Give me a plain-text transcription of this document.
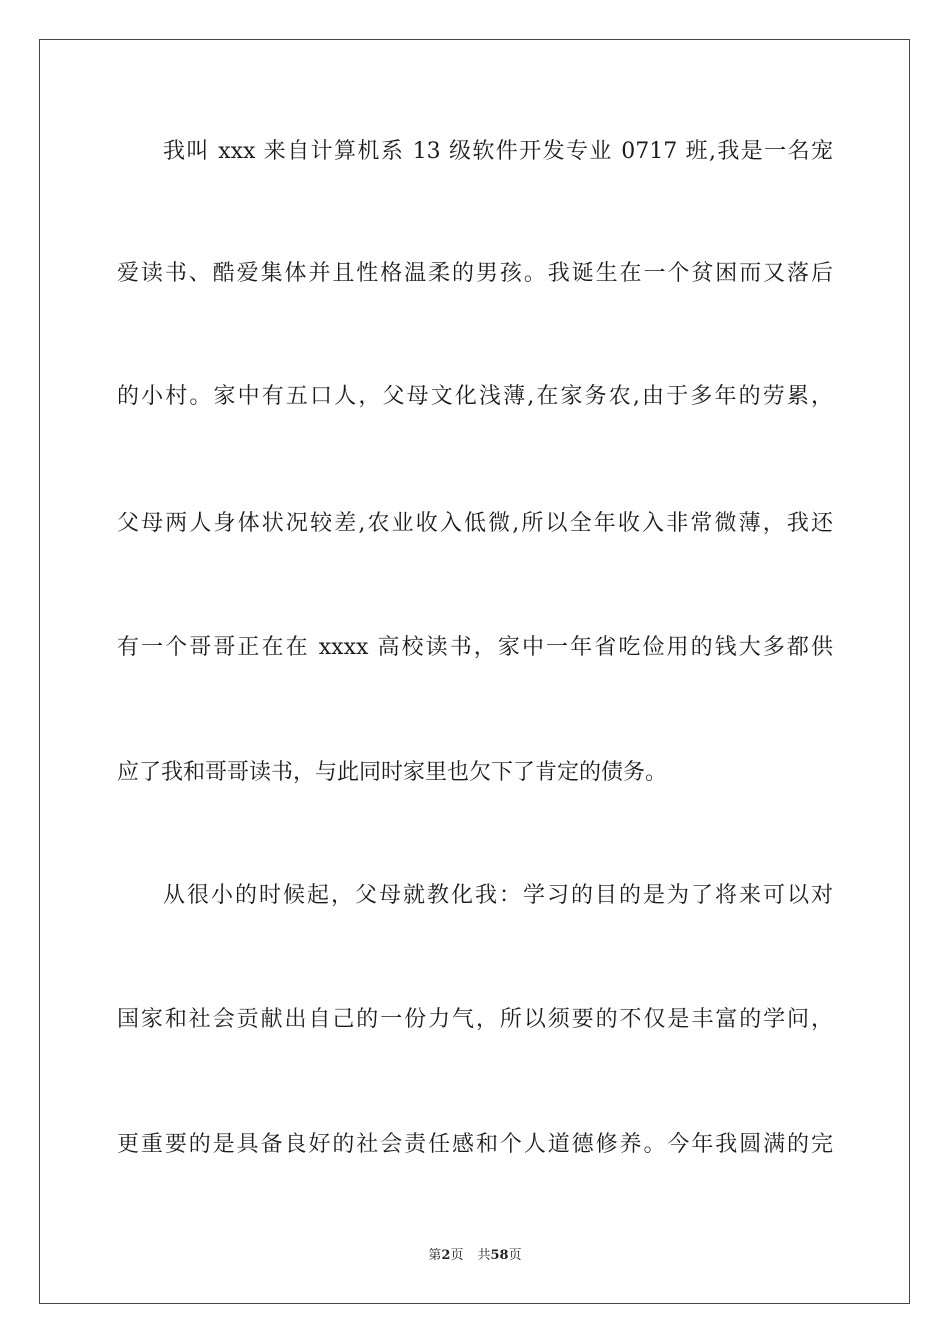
我叫 xxx 来自计算机系 13 级软件开发专业 0717 班,我是一名宠
爱读书、酷爱集体并且性格温柔的男孩。我诞生在一个贫困而又落后
的小村。家中有五口人，父母文化浅薄,在家务农,由于多年的劳累，
父母两人身体状况较差,农业收入低微,所以全年收入非常微薄，我还
有一个哥哥正在在 xxxx 高校读书，家中一年省吃俭用的钱大多都供
应了我和哥哥读书，与此同时家里也欠下了肯定的债务。
从很小的时候起，父母就教化我：学习的目的是为了将来可以对
国家和社会贡献出自己的一份力气，所以须要的不仅是丰富的学问，
更重要的是具备良好的社会责任感和个人道德修养。今年我圆满的完
第2页 共58页
